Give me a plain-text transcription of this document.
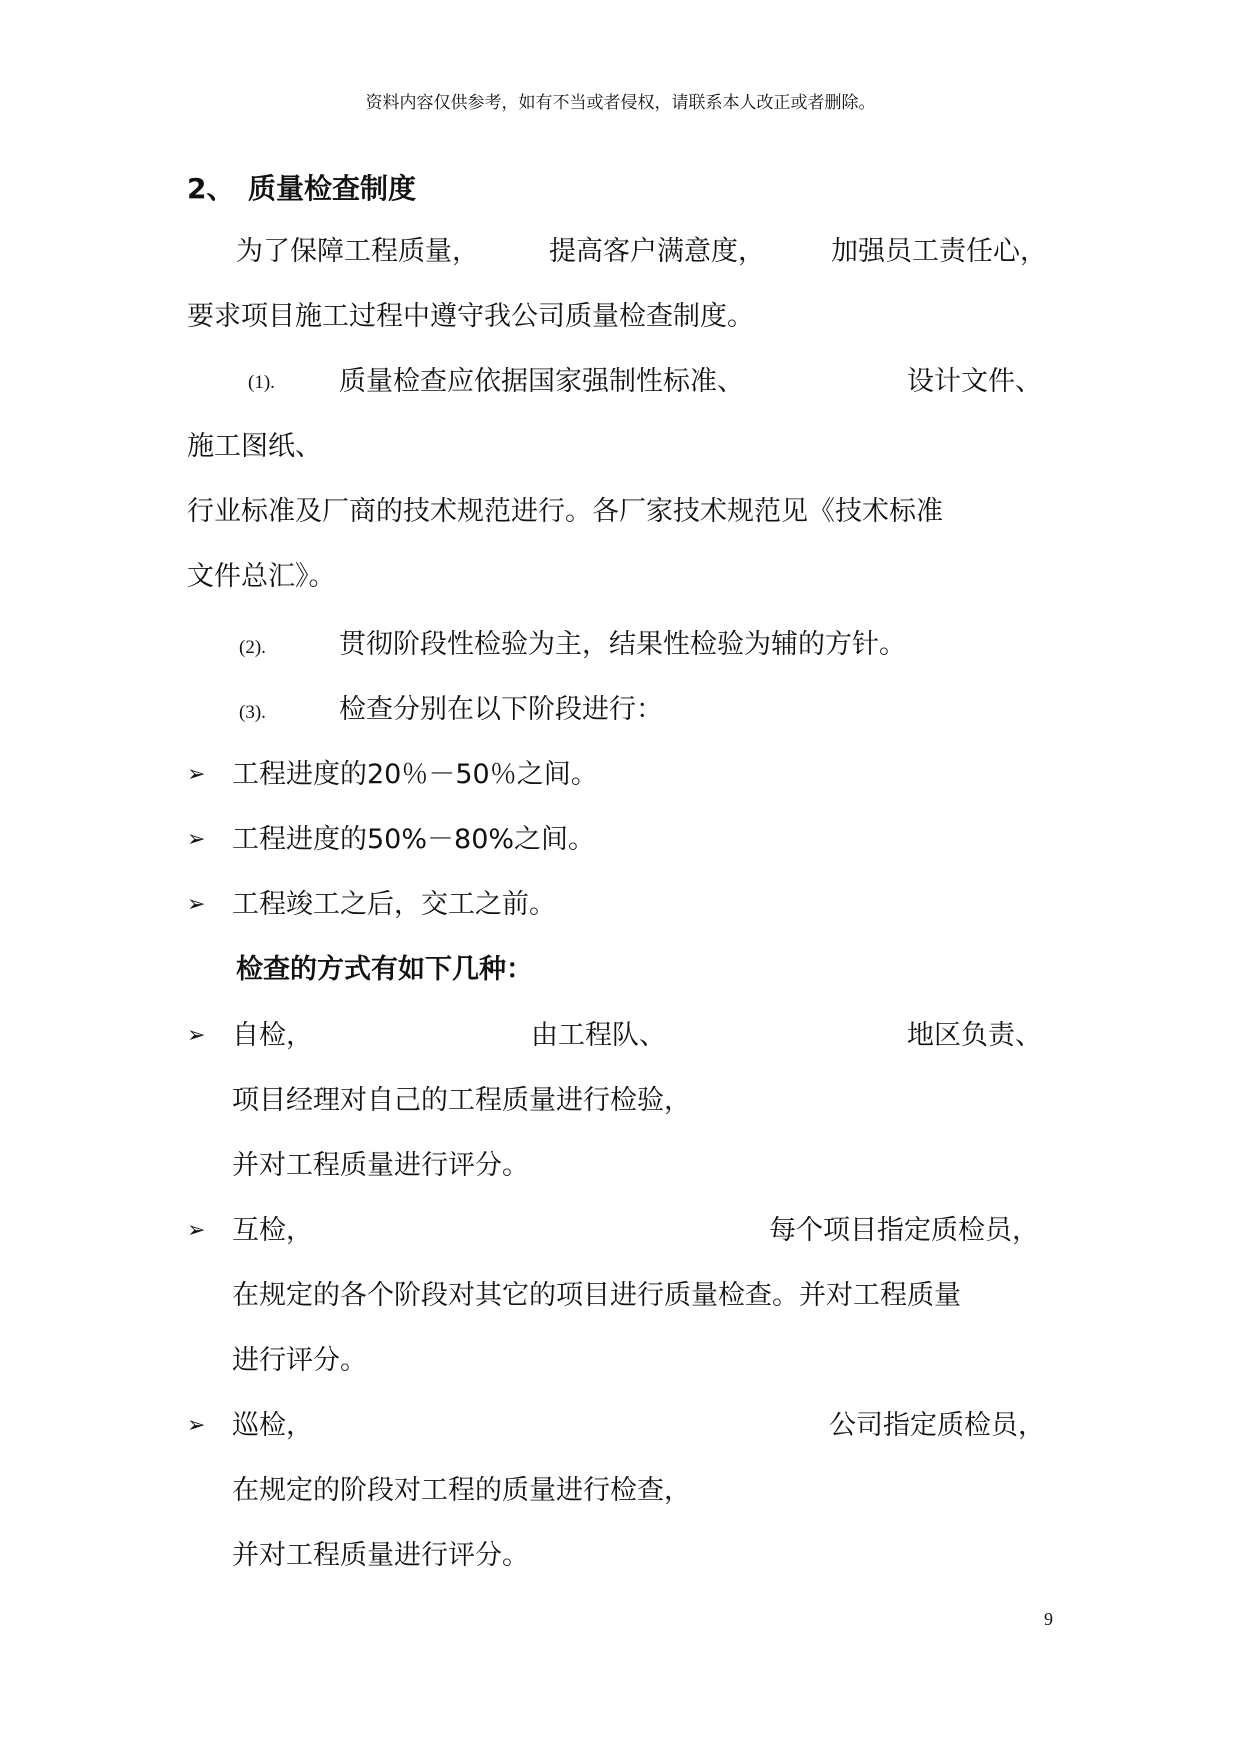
资料内容仅供参考，如有不当或者侵权，请联系本人改正或者删除。
2、 质量检查制度
为了保障工程质量，	提高客户满意度， 加强员工责任心，
要求项目施工过程中遵守我公司质量检查制度。
(1). 质量检查应依据国家强制性标准、	设计文件、
施工图纸、
行业标准及厂商的技术规范进行。各厂家技术规范见《技术标准
文件总汇》。
(2).	贯彻阶段性检验为主，结果性检验为辅的方针。
(3).	检查分别在以下阶段进行：
➢ 工程进度的20％－50％之间。
➢ 工程进度的50%－80%之间。
➢ 工程竣工之后，交工之前。
检查的方式有如下几种：
➢ 自检，	由工程队、	地区负责、
项目经理对自己的工程质量进行检验，
并对工程质量进行评分。
➢ 互检，	每个项目指定质检员，
在规定的各个阶段对其它的项目进行质量检查。并对工程质量
进行评分。
➢ 巡检，	公司指定质检员，
在规定的阶段对工程的质量进行检查，
并对工程质量进行评分。
9
